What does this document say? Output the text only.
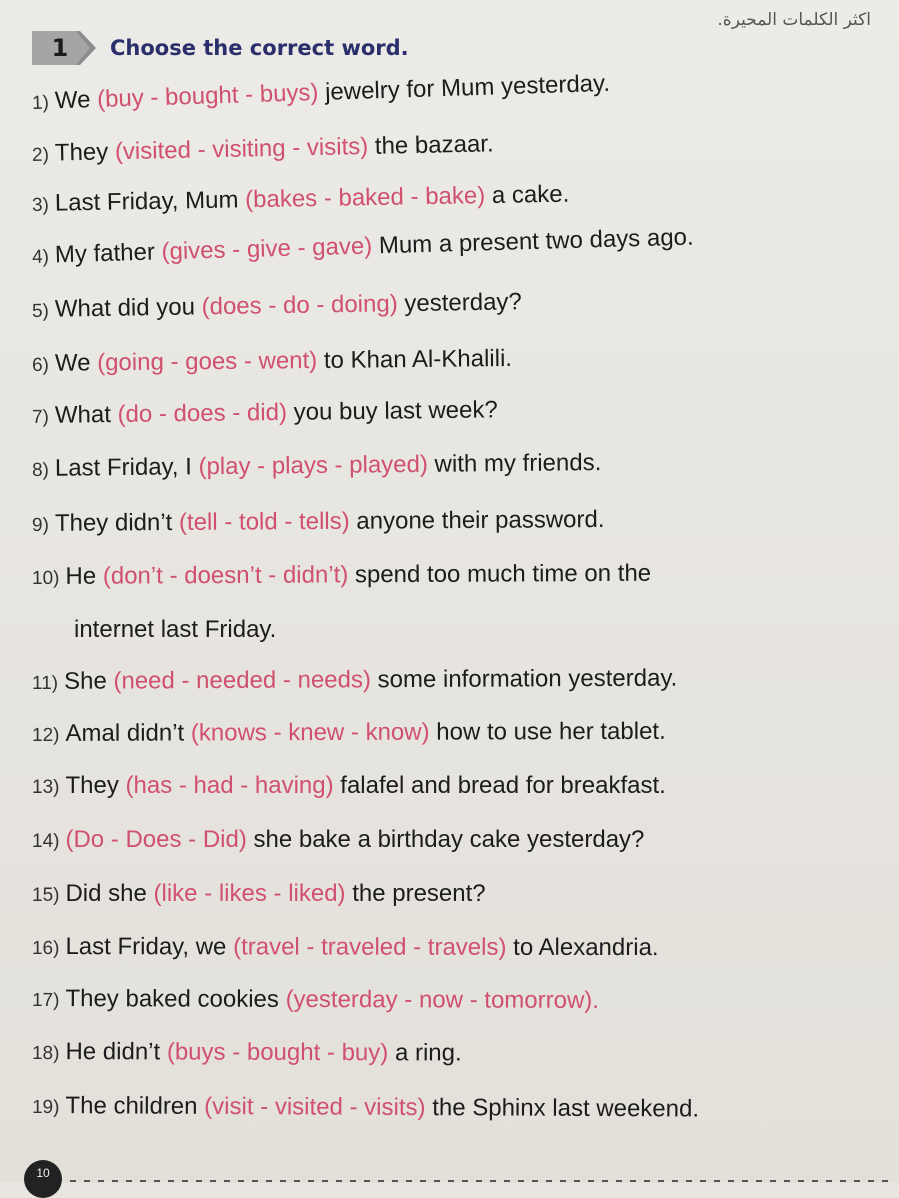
اكثر الكلمات المحيرة.
1 Choose the correct word.
1) We (buy - bought - buys) jewelry for Mum yesterday.
2) They (visited - visiting - visits) the bazaar.
3) Last Friday, Mum (bakes - baked - bake) a cake.
4) My father (gives - give - gave) Mum a present two days ago.
5) What did you (does - do - doing) yesterday?
6) We (going - goes - went) to Khan Al-Khalili.
7) What (do - does - did) you buy last week?
8) Last Friday, I (play - plays - played) with my friends.
9) They didn’t (tell - told - tells) anyone their password.
10) He (don’t - doesn’t - didn’t) spend too much time on the
internet last Friday.
11) She (need - needed - needs) some information yesterday.
12) Amal didn’t (knows - knew - know) how to use her tablet.
13) They (has - had - having) falafel and bread for breakfast.
14) (Do - Does - Did) she bake a birthday cake yesterday?
15) Did she (like - likes - liked) the present?
16) Last Friday, we (travel - traveled - travels) to Alexandria.
17) They baked cookies (yesterday - now - tomorrow).
18) He didn’t (buys - bought - buy) a ring.
19) The children (visit - visited - visits) the Sphinx last weekend.
10
